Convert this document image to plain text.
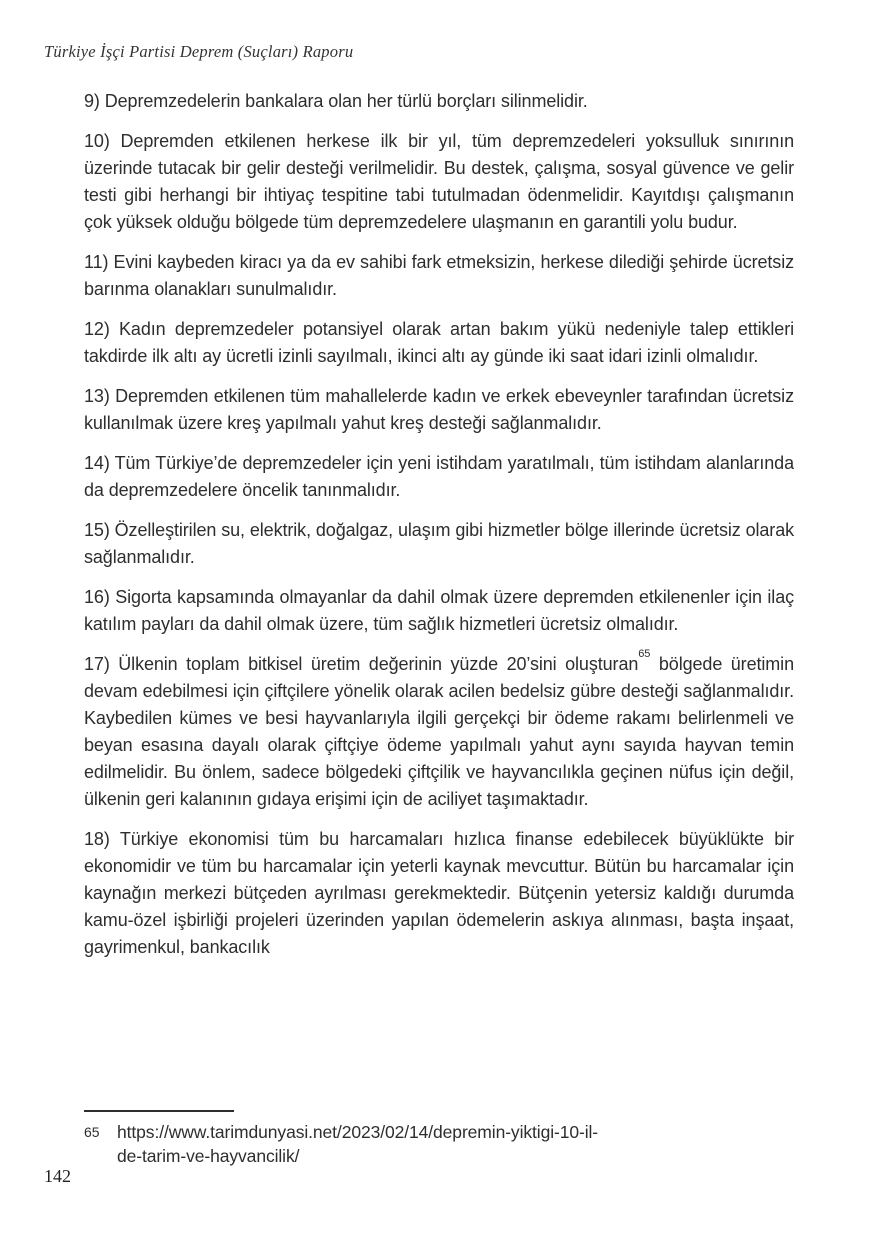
Türkiye İşçi Partisi Deprem (Suçları) Raporu

9) Depremzedelerin bankalara olan her türlü borçları silinmelidir.

10) Depremden etkilenen herkese ilk bir yıl, tüm depremzedeleri yoksulluk sınırının üzerinde tutacak bir gelir desteği verilmelidir. Bu destek, çalışma, sosyal güvence ve gelir testi gibi herhangi bir ihtiyaç tespitine tabi tutulmadan ödenmelidir. Kayıtdışı çalışmanın çok yüksek olduğu bölgede tüm depremzedelere ulaşmanın en garantili yolu budur.

11) Evini kaybeden kiracı ya da ev sahibi fark etmeksizin, herkese dilediği şehirde ücretsiz barınma olanakları sunulmalıdır.

12) Kadın depremzedeler potansiyel olarak artan bakım yükü nedeniyle talep ettikleri takdirde ilk altı ay ücretli izinli sayılmalı, ikinci altı ay günde iki saat idari izinli olmalıdır.

13) Depremden etkilenen tüm mahallelerde kadın ve erkek ebeveynler tarafından ücretsiz kullanılmak üzere kreş yapılmalı yahut kreş desteği sağlanmalıdır.

14) Tüm Türkiye’de depremzedeler için yeni istihdam yaratılmalı, tüm istihdam alanlarında da depremzedelere öncelik tanınmalıdır.

15) Özelleştirilen su, elektrik, doğalgaz, ulaşım gibi hizmetler bölge illerinde ücretsiz olarak sağlanmalıdır.

16) Sigorta kapsamında olmayanlar da dahil olmak üzere depremden etkilenenler için ilaç katılım payları da dahil olmak üzere, tüm sağlık hizmetleri ücretsiz olmalıdır.

17) Ülkenin toplam bitkisel üretim değerinin yüzde 20’sini oluşturan$^{65}$ bölgede üretimin devam edebilmesi için çiftçilere yönelik olarak acilen bedelsiz gübre desteği sağlanmalıdır. Kaybedilen kümes ve besi hayvanlarıyla ilgili gerçekçi bir ödeme rakamı belirlenmeli ve beyan esasına dayalı olarak çiftçiye ödeme yapılmalı yahut aynı sayıda hayvan temin edilmelidir. Bu önlem, sadece bölgedeki çiftçilik ve hayvancılıkla geçinen nüfus için değil, ülkenin geri kalanının gıdaya erişimi için de aciliyet taşımaktadır.

18) Türkiye ekonomisi tüm bu harcamaları hızlıca finanse edebilecek büyüklükte bir ekonomidir ve tüm bu harcamalar için yeterli kaynak mevcuttur. Bütün bu harcamalar için kaynağın merkezi bütçeden ayrılması gerekmektedir. Bütçenin yetersiz kaldığı durumda kamu-özel işbirliği projeleri üzerinden yapılan ödemelerin askıya alınması, başta inşaat, gayrimenkul, bankacılık

65 https://www.tarimdunyasi.net/2023/02/14/depremin-yiktigi-10-il-
de-tarim-ve-hayvancilik/
142
